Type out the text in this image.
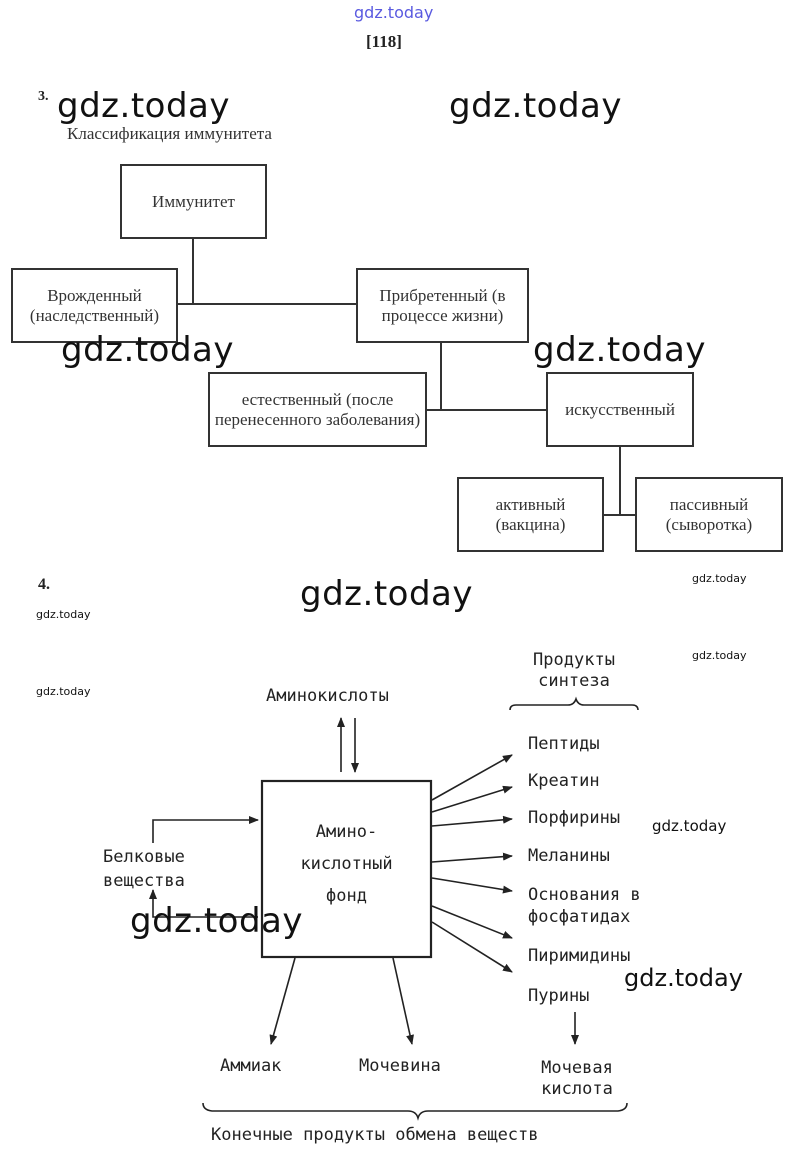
gdz.today
[118]
3.
Классификация иммунитета
Иммунитет
Врожденный (наследственный)
Прибретенный (в процессе жизни)
естественный (после перенесенного заболевания)
искусственный
активный (вакцина)
пассивный (сыворотка)
4.
Аминокислоты
Амино-
кислотный
фонд
Белковые
вещества
Продукты
синтеза
Пептиды
Креатин
Порфирины
Меланины
Основания в
фосфатидах
Пиримидины
Пурины
Аммиак	Мочевина	Мочевая
кислота
Конечные продукты обмена веществ
gdz.today	gdz.today
gdz.today	gdz.today
gdz.today
gdz.today
gdz.today
gdz.today
gdz.today
gdz.today
gdz.today
gdz.today
